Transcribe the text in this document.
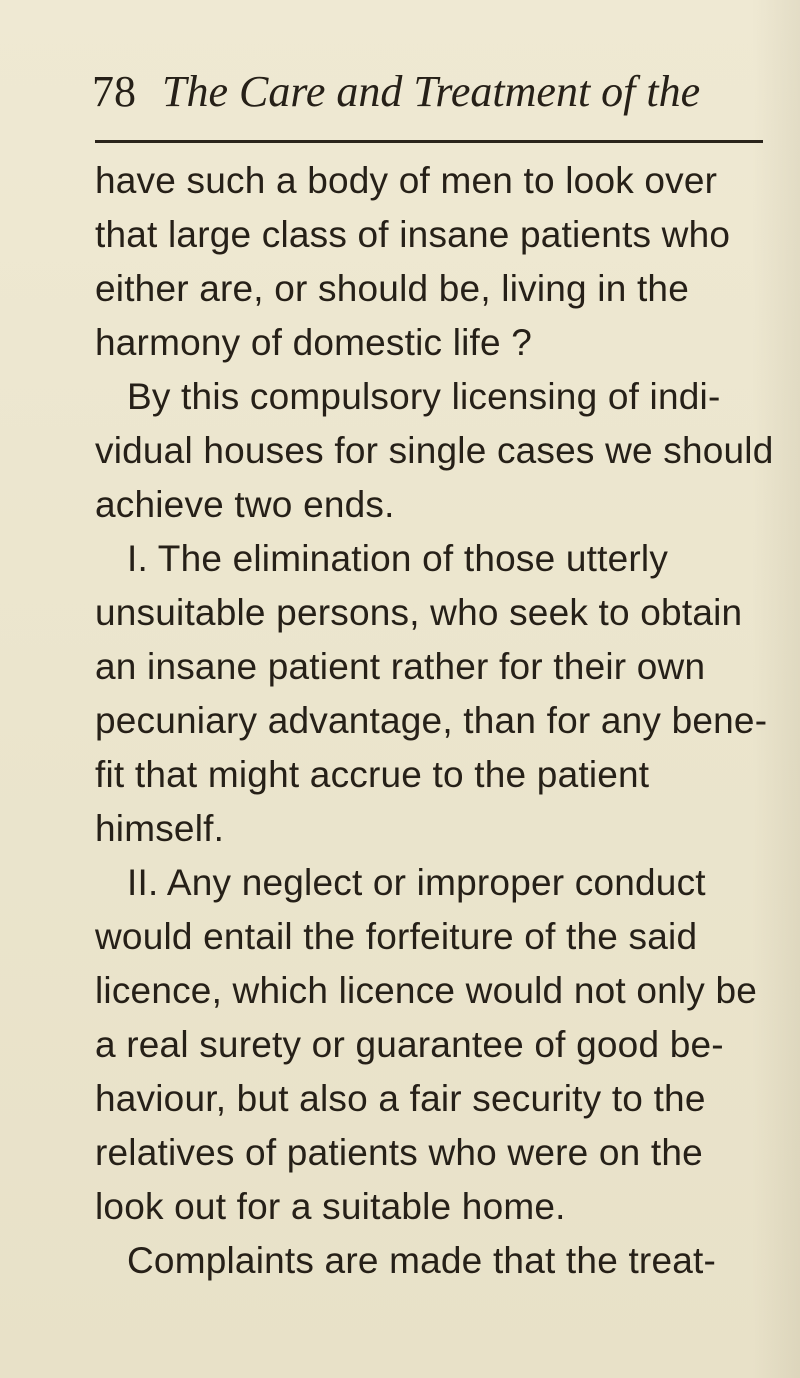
78 The Care and Treatment of the
have such a body of men to look over
that large class of insane patients who
either are, or should be, living in the
harmony of domestic life ?
By this compulsory licensing of indi-
vidual houses for single cases we should
achieve two ends.
I. The elimination of those utterly
unsuitable persons, who seek to obtain
an insane patient rather for their own
pecuniary advantage, than for any bene-
fit that might accrue to the patient
himself.
II. Any neglect or improper conduct
would entail the forfeiture of the said
licence, which licence would not only be
a real surety or guarantee of good be-
haviour, but also a fair security to the
relatives of patients who were on the
look out for a suitable home.
Complaints are made that the treat-
